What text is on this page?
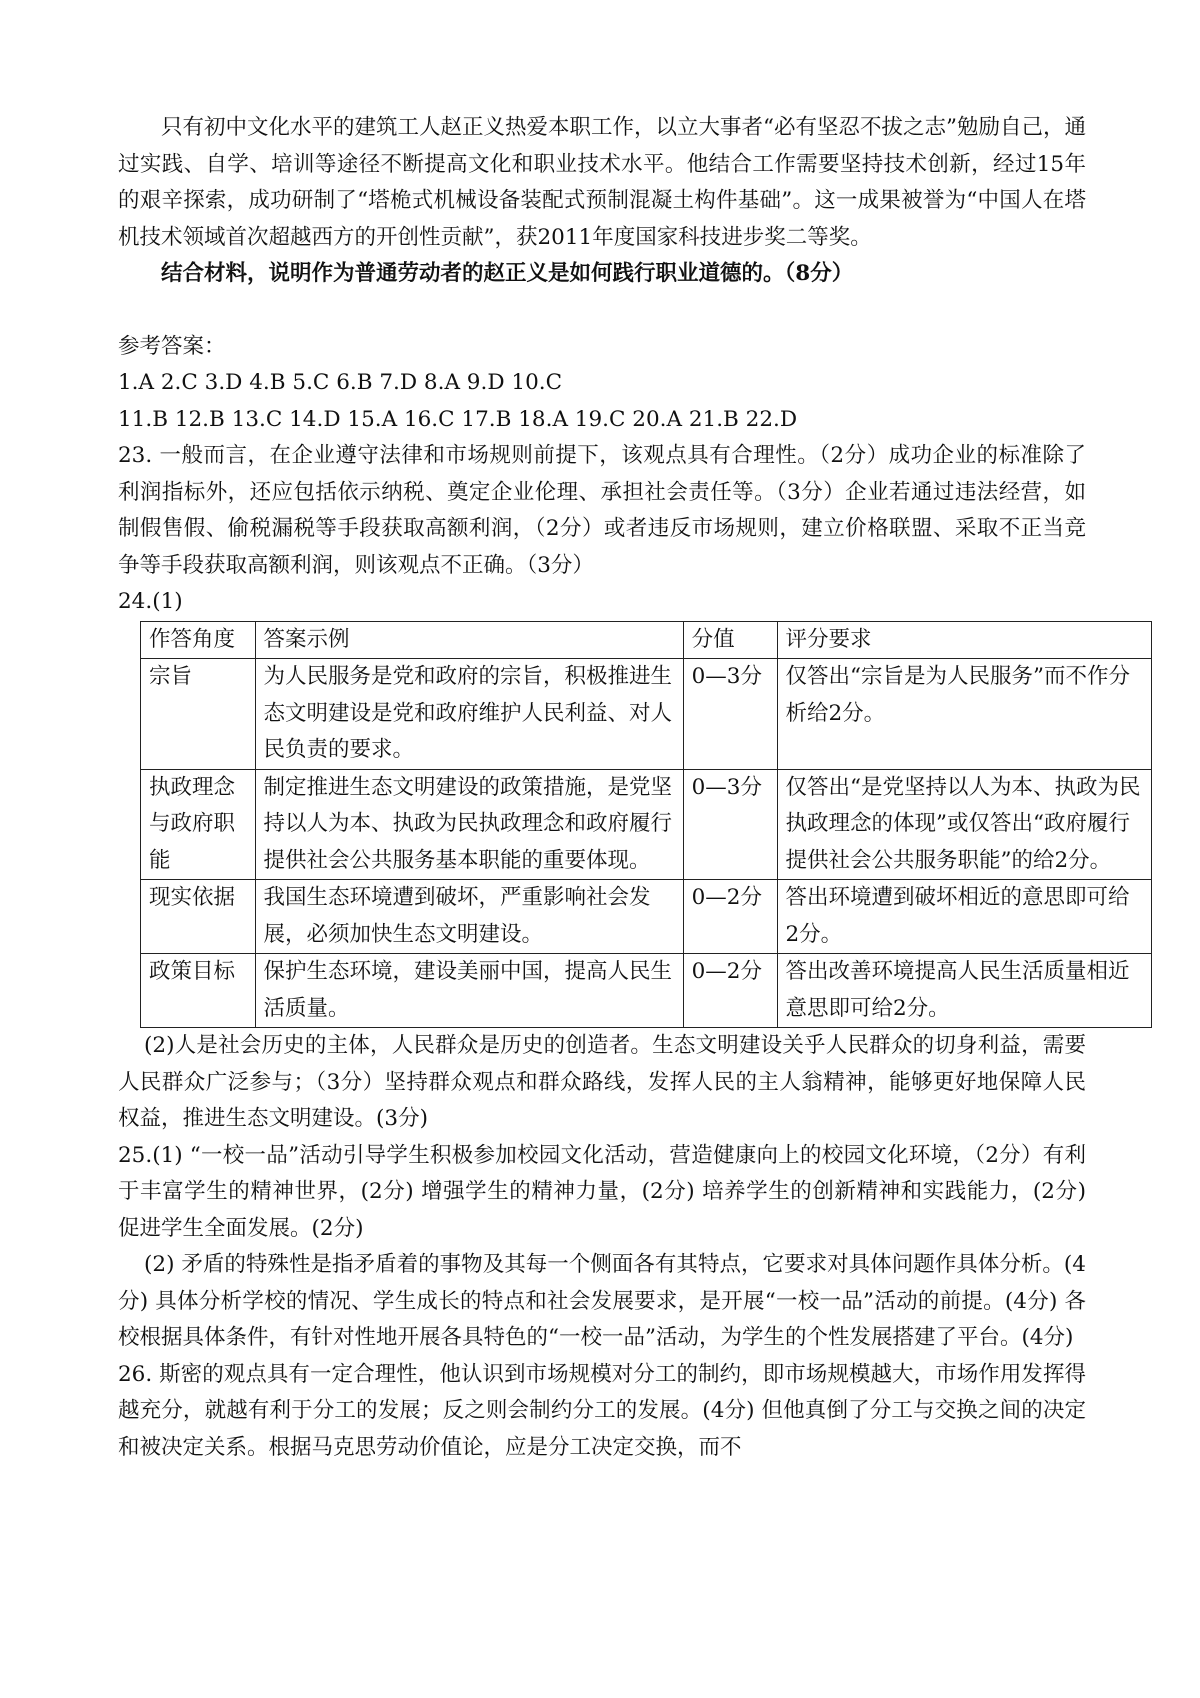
只有初中文化水平的建筑工人赵正义热爱本职工作，以立大事者“必有坚忍不拔之志”勉励自己，通过实践、自学、培训等途径不断提高文化和职业技术水平。他结合工作需要坚持技术创新，经过15年的艰辛探索，成功研制了“塔桅式机械设备装配式预制混凝土构件基础”。这一成果被誉为“中国人在塔机技术领域首次超越西方的开创性贡献”，获2011年度国家科技进步奖二等奖。

结合材料，说明作为普通劳动者的赵正义是如何践行职业道德的。（8分）

参考答案：

1.A 2.C 3.D 4.B 5.C 6.B 7.D 8.A 9.D 10.C

11.B 12.B 13.C 14.D 15.A 16.C 17.B 18.A 19.C 20.A 21.B 22.D

23. 一般而言，在企业遵守法律和市场规则前提下，该观点具有合理性。（2分）成功企业的标准除了利润指标外，还应包括依示纳税、奠定企业伦理、承担社会责任等。（3分）企业若通过违法经营，如制假售假、偷税漏税等手段获取高额利润，（2分）或者违反市场规则，建立价格联盟、采取不正当竞争等手段获取高额利润，则该观点不正确。（3分）

24.(1)

作答角度	答案示例	分值	评分要求
宗旨	为人民服务是党和政府的宗旨，积极推进生态文明建设是党和政府维护人民利益、对人民负责的要求。	0—3分	仅答出“宗旨是为人民服务”而不作分析给2分。
执政理念与政府职能	制定推进生态文明建设的政策措施，是党坚持以人为本、执政为民执政理念和政府履行提供社会公共服务基本职能的重要体现。	0—3分	仅答出“是党坚持以人为本、执政为民执政理念的体现”或仅答出“政府履行提供社会公共服务职能”的给2分。
现实依据	我国生态环境遭到破坏，严重影响社会发展，必须加快生态文明建设。	0—2分	答出环境遭到破坏相近的意思即可给2分。
政策目标	保护生态环境，建设美丽中国，提高人民生活质量。	0—2分	答出改善环境提高人民生活质量相近意思即可给2分。

(2)人是社会历史的主体，人民群众是历史的创造者。生态文明建设关乎人民群众的切身利益，需要人民群众广泛参与；（3分）坚持群众观点和群众路线，发挥人民的主人翁精神，能够更好地保障人民权益，推进生态文明建设。(3分)

25.(1) “一校一品”活动引导学生积极参加校园文化活动，营造健康向上的校园文化环境，（2分）有利于丰富学生的精神世界，(2分) 增强学生的精神力量，(2分) 培养学生的创新精神和实践能力，(2分) 促进学生全面发展。(2分)

(2) 矛盾的特殊性是指矛盾着的事物及其每一个侧面各有其特点，它要求对具体问题作具体分析。(4分) 具体分析学校的情况、学生成长的特点和社会发展要求，是开展“一校一品”活动的前提。(4分) 各校根据具体条件，有针对性地开展各具特色的“一校一品”活动，为学生的个性发展搭建了平台。(4分)

26. 斯密的观点具有一定合理性，他认识到市场规模对分工的制约，即市场规模越大，市场作用发挥得越充分，就越有利于分工的发展；反之则会制约分工的发展。(4分) 但他真倒了分工与交换之间的决定和被决定关系。根据马克思劳动价值论，应是分工决定交换，而不
